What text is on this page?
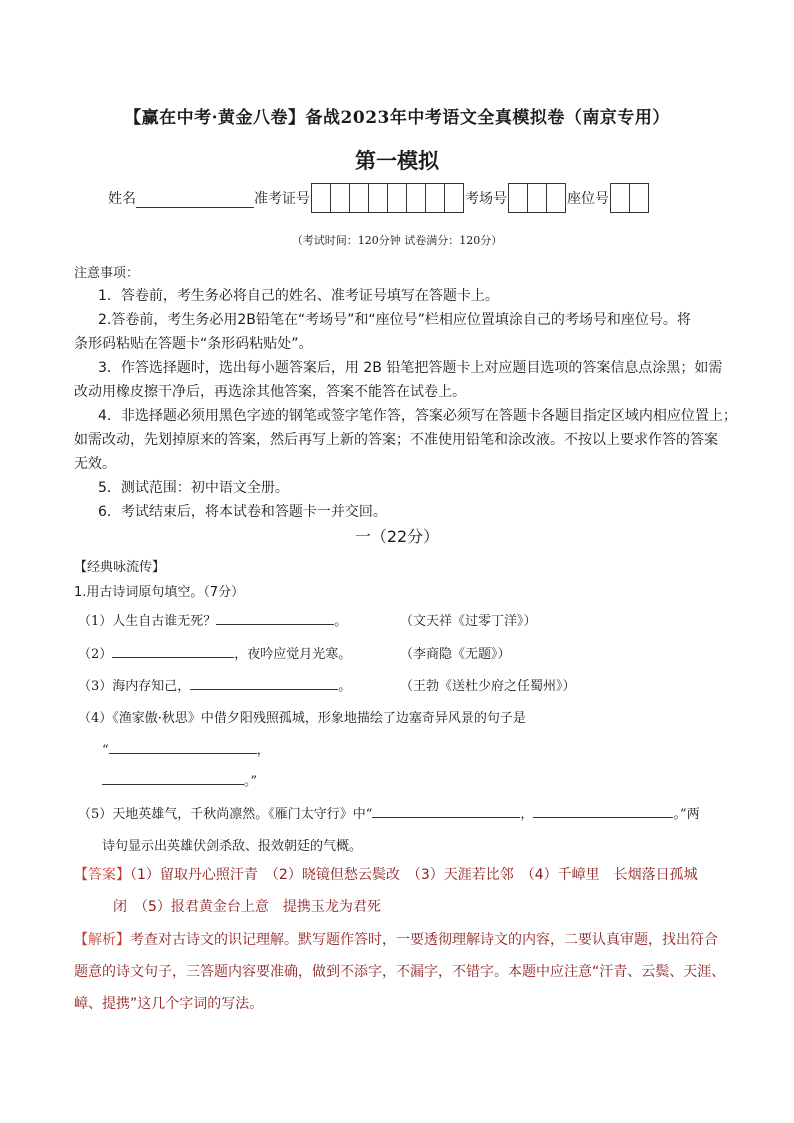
【赢在中考·黄金八卷】备战2023年中考语文全真模拟卷（南京专用）
第一模拟
姓名	准考证号	考场号	座位号
（考试时间：120分钟 试卷满分：120分）
注意事项：
1．答卷前，考生务必将自己的姓名、准考证号填写在答题卡上。
2.答卷前，考生务必用2B铅笔在“考场号”和“座位号”栏相应位置填涂自己的考场号和座位号。将
条形码粘贴在答题卡“条形码粘贴处”。
3．作答选择题时，选出每小题答案后，用 2B 铅笔把答题卡上对应题目选项的答案信息点涂黑；如需
改动用橡皮擦干净后，再选涂其他答案，答案不能答在试卷上。
4．非选择题必须用黑色字迹的钢笔或签字笔作答，答案必须写在答题卡各题目指定区域内相应位置上；
如需改动，先划掉原来的答案，然后再写上新的答案；不准使用铅笔和涂改液。不按以上要求作答的答案
无效。
5．测试范围：初中语文全册。
6．考试结束后，将本试卷和答题卡一并交回。
一（22分）
【经典咏流传】
1.用古诗词原句填空。（7分）
（1）人生自古谁无死？	。	（文天祥《过零丁洋》）
（2）	，夜吟应觉月光寒。	（李商隐《无题》）
（3）海内存知己，	。	（王勃《送杜少府之任蜀州》）
（4）《渔家傲·秋思》中借夕阳残照孤城，形象地描绘了边塞奇异风景的句子是
“	，
。”
（5）天地英雄气，千秋尚凛然。《雁门太守行》中“	，	。”两
诗句显示出英雄伏剑杀敌、报效朝廷的气概。
【答案】（1）留取丹心照汗青　（2）晓镜但愁云鬓改　（3）天涯若比邻　（4）千嶂里　长烟落日孤城
闭　（5）报君黄金台上意　提携玉龙为君死
【解析】考查对古诗文的识记理解。默写题作答时，一要透彻理解诗文的内容，二要认真审题，找出符合
题意的诗文句子，三答题内容要准确，做到不添字，不漏字，不错字。本题中应注意“汗青、云鬓、天涯、
嶂、提携”这几个字词的写法。
